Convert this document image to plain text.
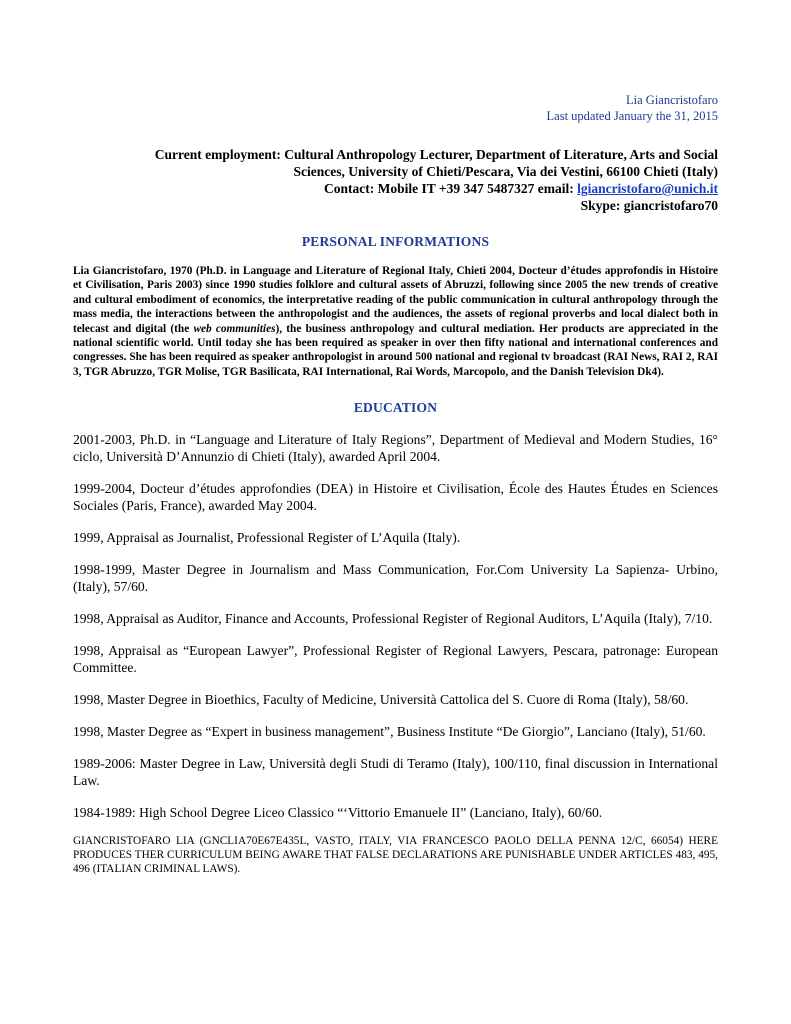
Lia Giancristofaro
Last updated January the 31, 2015
Current employment: Cultural Anthropology Lecturer, Department of Literature, Arts and Social
Sciences, University of Chieti/Pescara, Via dei Vestini, 66100 Chieti (Italy)
Contact: Mobile IT +39 347 5487327 email: lgiancristofaro@unich.it
Skype: giancristofaro70
PERSONAL INFORMATIONS
Lia Giancristofaro, 1970 (Ph.D. in Language and Literature of Regional Italy, Chieti 2004, Docteur d’études approfondis in Histoire et Civilisation, Paris 2003) since 1990 studies folklore and cultural assets of Abruzzi, following since 2005 the new trends of creative and cultural embodiment of economics, the interpretative reading of the public communication in cultural anthropology through the mass media, the interactions between the anthropologist and the audiences, the assets of regional proverbs and local dialect both in telecast and digital (the web communities), the business anthropology and cultural mediation. Her products are appreciated in the national scientific world. Until today she has been required as speaker in over then fifty national and international conferences and congresses. She has been required as speaker anthropologist in around 500 national and regional tv broadcast (RAI News, RAI 2, RAI 3, TGR Abruzzo, TGR Molise, TGR Basilicata, RAI International, Rai Words, Marcopolo, and the Danish Television Dk4).
EDUCATION

2001-2003, Ph.D. in “Language and Literature of Italy Regions”, Department of Medieval and Modern Studies, 16° ciclo, Università D’Annunzio di Chieti (Italy), awarded April 2004.

1999-2004, Docteur d’études approfondies (DEA) in Histoire et Civilisation, École des Hautes Études en Sciences Sociales (Paris, France), awarded May 2004.

1999, Appraisal as Journalist, Professional Register of L’Aquila (Italy).

1998-1999, Master Degree in Journalism and Mass Communication, For.Com University La Sapienza- Urbino, (Italy), 57/60.

1998, Appraisal as Auditor, Finance and Accounts, Professional Register of Regional Auditors, L’Aquila (Italy), 7/10.

1998, Appraisal as “European Lawyer”, Professional Register of Regional Lawyers, Pescara, patronage: European Committee.

1998, Master Degree in Bioethics, Faculty of Medicine, Università Cattolica del S. Cuore di Roma (Italy), 58/60.

1998, Master Degree as “Expert in business management”, Business Institute “De Giorgio”, Lanciano (Italy), 51/60.

1989-2006: Master Degree in Law, Università degli Studi di Teramo (Italy), 100/110, final discussion in International Law.

1984-1989: High School Degree Liceo Classico “‘Vittorio Emanuele II” (Lanciano, Italy), 60/60.

GIANCRISTOFARO LIA (GNCLIA70E67E435L, VASTO, ITALY, VIA FRANCESCO PAOLO DELLA PENNA 12/C, 66054) HERE PRODUCES THER CURRICULUM BEING AWARE THAT FALSE DECLARATIONS ARE PUNISHABLE UNDER ARTICLES 483, 495, 496 (ITALIAN CRIMINAL LAWS).
